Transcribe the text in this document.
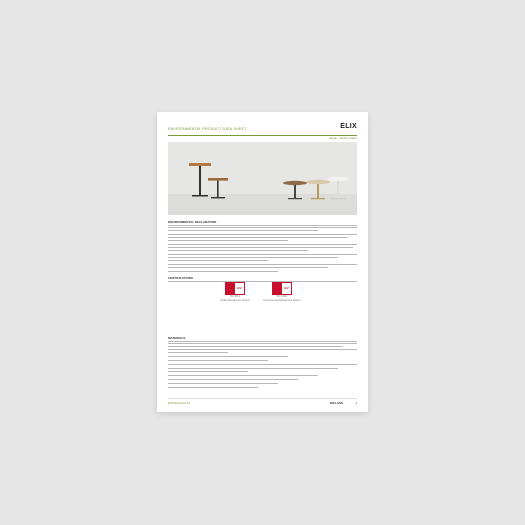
ENVIRONMENTAL PRODUCT DATA SHEET	ELIX
design · Studio Inclass
ENVIRONMENTAL DECLARATION
CERTIFICATIONS
BV
ISO 9001
Quality Management System
BV
ISO 14001
Environmental Management System
MATERIALS
ENV/ELIX/22.23	INCLASS	1
